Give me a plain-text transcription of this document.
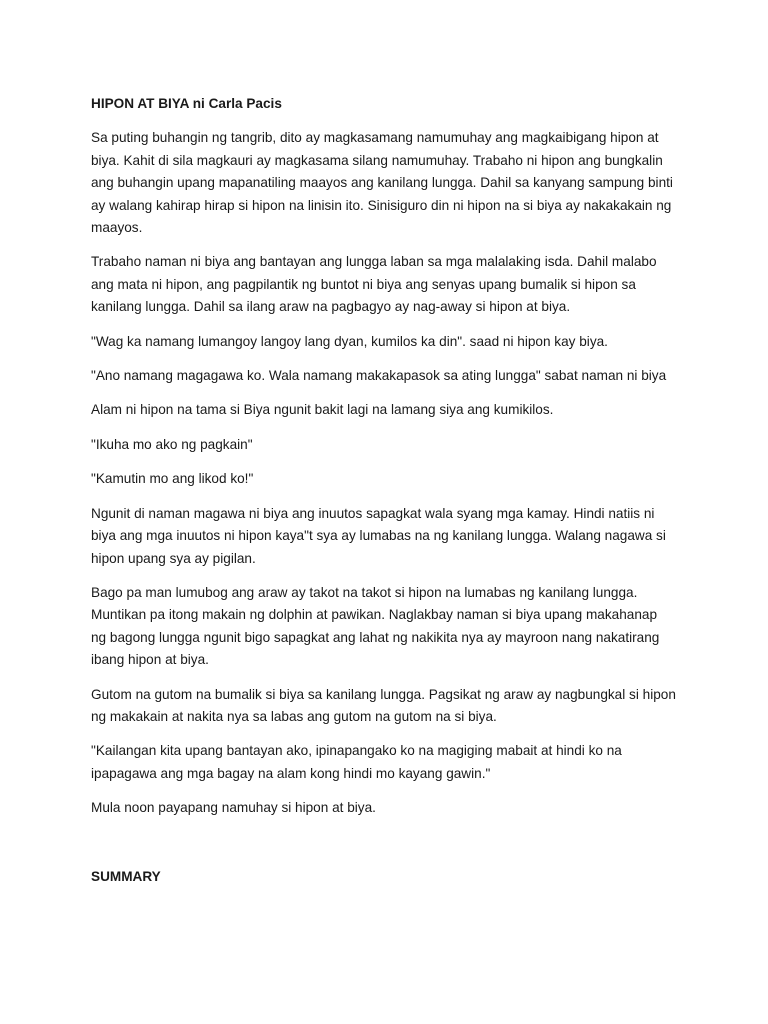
HIPON AT BIYA ni Carla Pacis
Sa puting buhangin ng tangrib, dito ay magkasamang namumuhay ang magkaibigang hipon at
biya. Kahit di sila magkauri ay magkasama silang namumuhay. Trabaho ni hipon ang bungkalin
ang buhangin upang mapanatiling maayos ang kanilang lungga. Dahil sa kanyang sampung binti
ay walang kahirap hirap si hipon na linisin ito. Sinisiguro din ni hipon na si biya ay nakakakain ng
maayos.
Trabaho naman ni biya ang bantayan ang lungga laban sa mga malalaking isda. Dahil malabo
ang mata ni hipon, ang pagpilantik ng buntot ni biya ang senyas upang bumalik si hipon sa
kanilang lungga. Dahil sa ilang araw na pagbagyo ay nag-away si hipon at biya.
"Wag ka namang lumangoy langoy lang dyan, kumilos ka din". saad ni hipon kay biya.
"Ano namang magagawa ko. Wala namang makakapasok sa ating lungga" sabat naman ni biya
Alam ni hipon na tama si Biya ngunit bakit lagi na lamang siya ang kumikilos.
"Ikuha mo ako ng pagkain"
"Kamutin mo ang likod ko!"
Ngunit di naman magawa ni biya ang inuutos sapagkat wala syang mga kamay. Hindi natiis ni
biya ang mga inuutos ni hipon kaya"t sya ay lumabas na ng kanilang lungga. Walang nagawa si
hipon upang sya ay pigilan.
Bago pa man lumubog ang araw ay takot na takot si hipon na lumabas ng kanilang lungga.
Muntikan pa itong makain ng dolphin at pawikan. Naglakbay naman si biya upang makahanap
ng bagong lungga ngunit bigo sapagkat ang lahat ng nakikita nya ay mayroon nang nakatirang
ibang hipon at biya.
Gutom na gutom na bumalik si biya sa kanilang lungga. Pagsikat ng araw ay nagbungkal si hipon
ng makakain at nakita nya sa labas ang gutom na gutom na si biya.
"Kailangan kita upang bantayan ako, ipinapangako ko na magiging mabait at hindi ko na
ipapagawa ang mga bagay na alam kong hindi mo kayang gawin."
Mula noon payapang namuhay si hipon at biya.
SUMMARY
